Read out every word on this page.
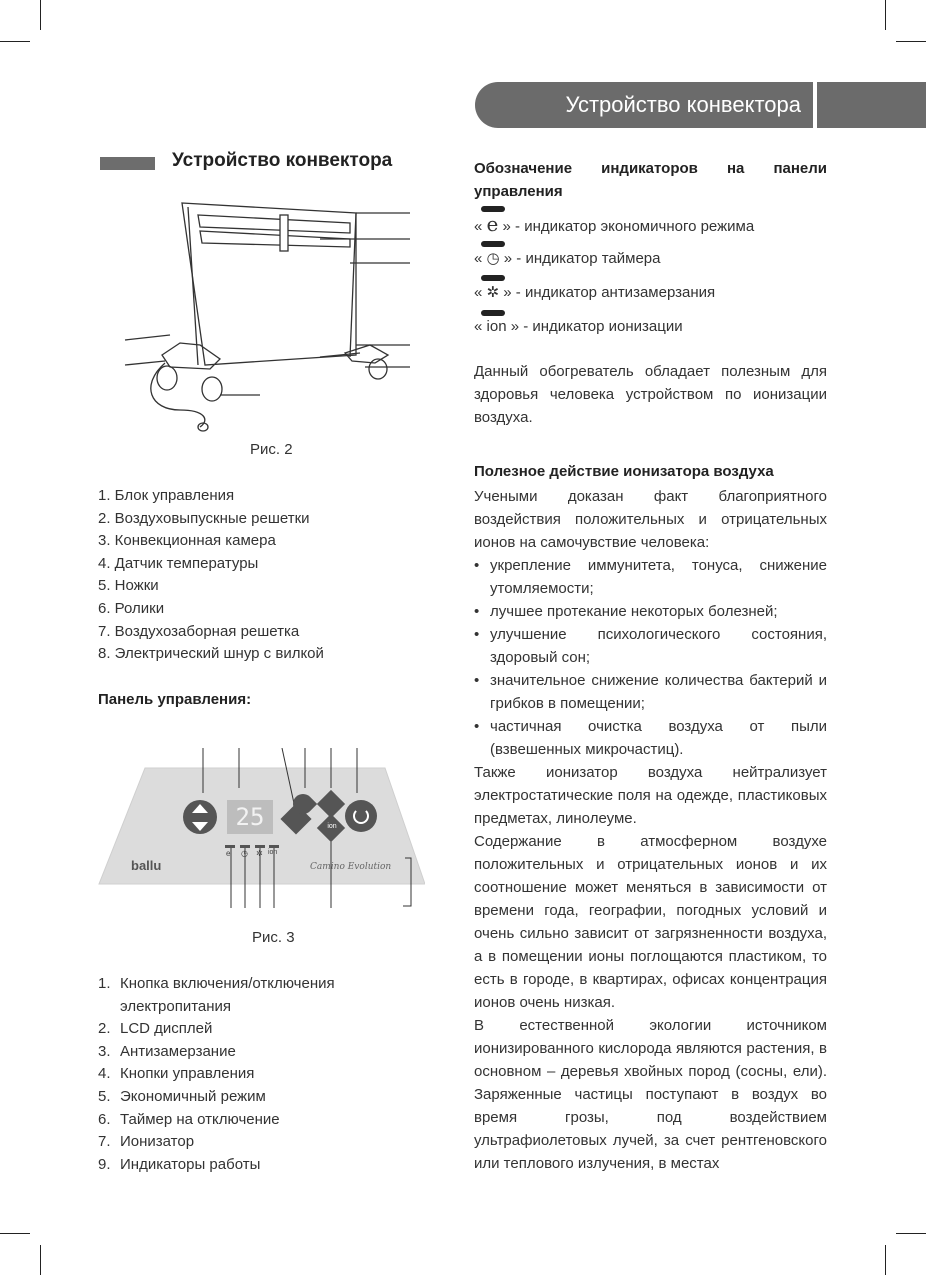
Устройство конвектора
Устройство конвектора
Рис. 2
1. Блок управления
2. Воздуховыпускные решетки
3. Конвекционная камера
4. Датчик температуры
5. Ножки
6. Ролики
7. Воздухозаборная решетка
8. Электрический шнур с вилкой
Панель управления:
25	ion
e ◷ ✲ ion
ballu	Camino Evolution
Рис. 3
1. Кнопка включения/отключения электропитания
2. LCD дисплей
3. Антизамерзание
4. Кнопки управления
5. Экономичный режим
6. Таймер на отключение
7. Ионизатор
9. Индикаторы работы
Обозначение индикаторов на панели управления
« e » - индикатор экономичного режима
« ◷ » - индикатор таймера
« ✲ » - индикатор антизамерзания
« ion » - индикатор ионизации
Данный обогреватель обладает полезным для здоровья человека устройством по ионизации воздуха.
Полезное действие ионизатора воздуха

Учеными доказан факт благоприятного воздействия положительных и отрицательных ионов на самочувствие человека:

• укрепление иммунитета, тонуса, снижение утомляемости;
• лучшее протекание некоторых болезней;
• улучшение психологического состояния, здоровый сон;
• значительное снижение количества бактерий и грибков в помещении;
• частичная очистка воздуха от пыли (взвешенных микрочастиц).

Также ионизатор воздуха нейтрализует электростатические поля на одежде, пластиковых предметах, линолеуме.

Содержание в атмосферном воздухе положительных и отрицательных ионов и их соотношение может меняться в зависимости от времени года, географии, погодных условий и очень сильно зависит от загрязненности воздуха, а в помещении ионы поглощаются пластиком, то есть в городе, в квартирах, офисах концентрация ионов очень низкая.

В естественной экологии источником ионизированного кислорода являются растения, в основном – деревья хвойных пород (сосны, ели). Заряженные частицы поступают в воздух во время грозы, под воздействием ультрафиолетовых лучей, за счет рентгеновского или теплового излучения, в местах
